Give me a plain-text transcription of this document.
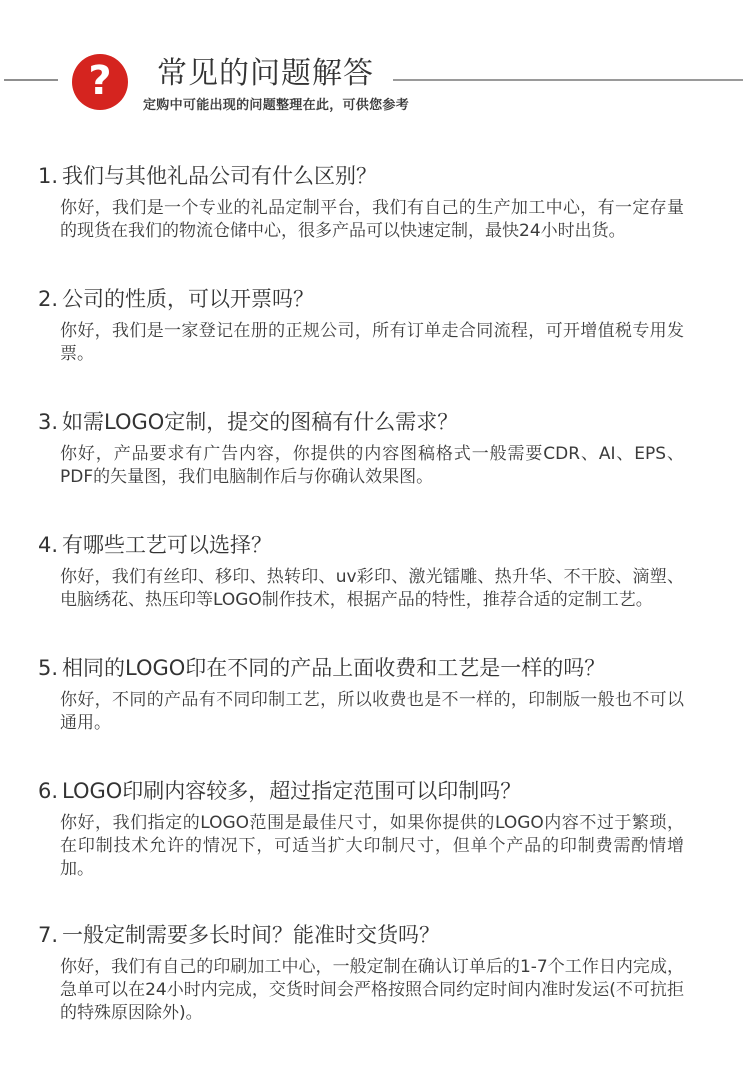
? 常见的问题解答
定购中可能出现的问题整理在此，可供您参考
1. 我们与其他礼品公司有什么区别？
你好，我们是一个专业的礼品定制平台，我们有自己的生产加工中心，有一定存量的现货在我们的物流仓储中心，很多产品可以快速定制，最快24小时出货。
2. 公司的性质，可以开票吗？
你好，我们是一家登记在册的正规公司，所有订单走合同流程，可开增值税专用发票。
3. 如需LOGO定制，提交的图稿有什么需求？
你好，产品要求有广告内容，你提供的内容图稿格式一般需要CDR、AI、EPS、PDF的矢量图，我们电脑制作后与你确认效果图。
4. 有哪些工艺可以选择？
你好，我们有丝印、移印、热转印、uv彩印、激光镭雕、热升华、不干胶、滴塑、电脑绣花、热压印等LOGO制作技术，根据产品的特性，推荐合适的定制工艺。
5. 相同的LOGO印在不同的产品上面收费和工艺是一样的吗？
你好，不同的产品有不同印制工艺，所以收费也是不一样的，印制版一般也不可以通用。
6. LOGO印刷内容较多，超过指定范围可以印制吗？
你好，我们指定的LOGO范围是最佳尺寸，如果你提供的LOGO内容不过于繁琐，在印制技术允许的情况下，可适当扩大印制尺寸，但单个产品的印制费需酌情增加。
7. 一般定制需要多长时间？能准时交货吗？
你好，我们有自己的印刷加工中心，一般定制在确认订单后的1-7个工作日内完成，急单可以在24小时内完成，交货时间会严格按照合同约定时间内准时发运(不可抗拒的特殊原因除外)。
